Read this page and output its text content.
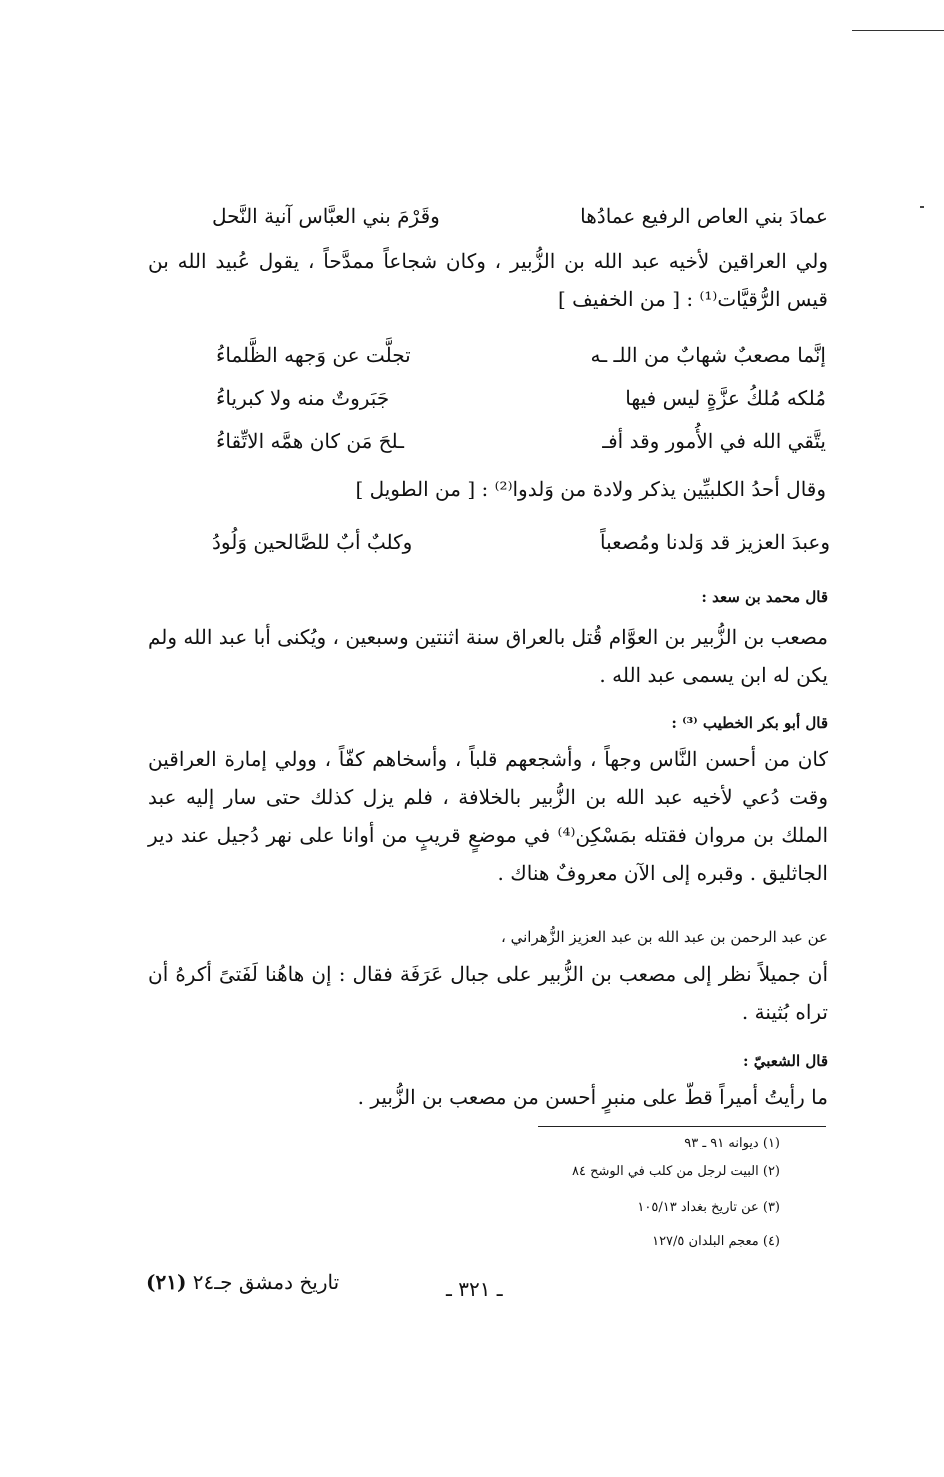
عمادَ بني العاص الرفيع عمادُها
وقَرْمَ بني العبَّاس آنية النَّحل
ولي العراقين لأخيه عبد الله بن الزُّبير ، وكان شجاعاً ممدَّحاً ، يقول عُبيد الله بن قيس الرُّقيَّات⁽¹⁾ : [ من الخفيف ]
إنَّما مصعبٌ شهابٌ من اللـ ـه
تجلَّت عن وَجهه الظَّلماءُ
مُلكه مُلكُ عزَّةٍ ليس فيها
جَبَروتٌ منه ولا كبرياءُ
يتَّقي الله في الأُمور وقد أفـ
ـلحَ مَن كان همَّه الاتِّقاءُ
وقال أحدُ الكلبيِّين يذكر ولادة من وَلدوا⁽²⁾ : [ من الطويل ]
وعبدَ العزيز قد وَلدنا ومُصعباً
وكلبٌ أبٌ للصَّالحين وَلُودُ
قال محمد بن سعد :
مصعب بن الزُّبير بن العوَّام قُتل بالعراق سنة اثنتين وسبعين ، ويُكنى أبا عبد الله ولم يكن له ابن يسمى عبد الله .
قال أبو بكر الخطيب ⁽³⁾ :
كان من أحسن النَّاس وجهاً ، وأشجعهم قلباً ، وأسخاهم كفّاً ، وولي إمارة العراقين وقت دُعي لأخيه عبد الله بن الزُّبير بالخلافة ، فلم يزل كذلك حتى سار إليه عبد الملك بن مروان فقتله بمَسْكِن⁽⁴⁾ في موضعٍ قريبٍ من أوانا على نهر دُجيل عند دير الجاثليق . وقبره إلى الآن معروفٌ هناك .
عن عبد الرحمن بن عبد الله بن عبد العزيز الزُّهراني ،
أن جميلاً نظر إلى مصعب بن الزُّبير على جبال عَرَفَة فقال : إن هاهُنا لَفَتىً أكرهُ أن تراه بُثينة .
قال الشعبيّ :
ما رأيتُ أميراً قطّ على منبرٍ أحسن من مصعب بن الزُّبير .
(١) ديوانه ٩١ ـ ٩٣
(٢) البيت لرجل من كلب في الوشح ٨٤
(٣) عن تاريخ بغداد ١٠٥/١٣
(٤) معجم البلدان ١٢٧/٥
تاريخ دمشق جـ٢٤ (٢١)	ـ ٣٢١ ـ
